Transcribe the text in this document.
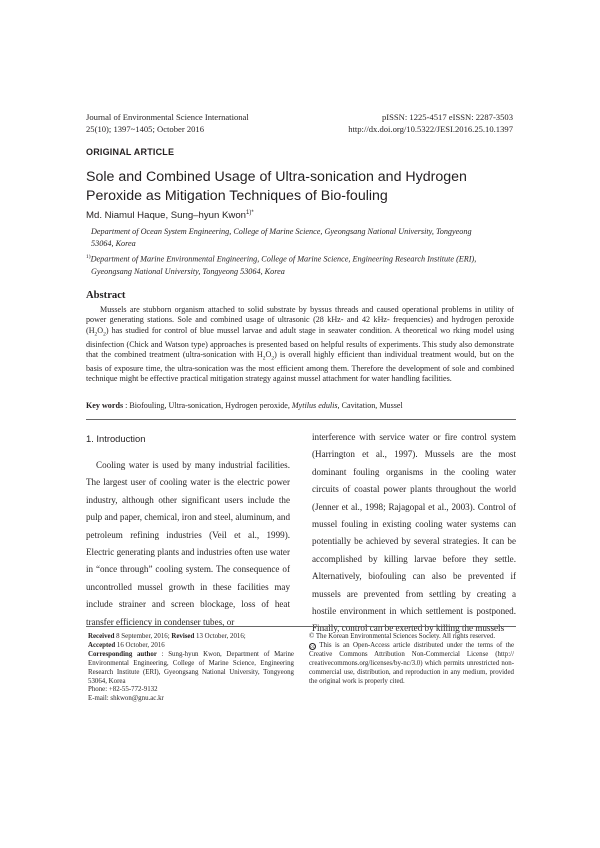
Journal of Environmental Science International
25(10); 1397~1405; October 2016
pISSN: 1225-4517 eISSN: 2287-3503
http://dx.doi.org/10.5322/JESI.2016.25.10.1397
ORIGINAL ARTICLE
Sole and Combined Usage of Ultra-sonication and Hydrogen
Peroxide as Mitigation Techniques of Bio-fouling
Md. Niamul Haque, Sung–hyun Kwon$^{1)*}$
Department of Ocean System Engineering, College of Marine Science, Gyeongsang National University, Tongyeong
53064, Korea
$^{1)}$Department of Marine Environmental Engineering, College of Marine Science, Engineering Research Institute (ERI),
Gyeongsang National University, Tongyeong 53064, Korea
Abstract
Mussels are stubborn organism attached to solid substrate by byssus threads and caused operational problems in utility of power generating stations. Sole and combined usage of ultrasonic (28 kHz- and 42 kHz- frequencies) and hydrogen peroxide $(H_2O_2)$ has studied for control of blue mussel larvae and adult stage in seawater condition. A theoretical wo rking model using disinfection (Chick and Watson type) approaches is presented based on helpful results of experiments. This study also demonstrate that the combined treatment (ultra-sonication with $H_2O_2$) is overall highly efficient than individual treatment would, but on the basis of exposure time, the ultra-sonication was the most efficient among them. Therefore the development of sole and combined technique might be effective practical mitigation strategy against mussel attachment for water handling facilities.
Key words : Biofouling, Ultra-sonication, Hydrogen peroxide, Mytilus edulis, Cavitation, Mussel
1. Introduction

Cooling water is used by many industrial facilities. The largest user of cooling water is the electric power industry, although other significant users include the pulp and paper, chemical, iron and steel, aluminum, and petroleum refining industries (Veil et al., 1999). Electric generating plants and industries often use water in “once through” cooling system. The consequence of uncontrolled mussel growth in these facilities may include strainer and screen blockage, loss of heat transfer efficiency in condenser tubes, or

interference with service water or fire control system (Harrington et al., 1997). Mussels are the most dominant fouling organisms in the cooling water circuits of coastal power plants throughout the world (Jenner et al., 1998; Rajagopal et al., 2003). Control of mussel fouling in existing cooling water systems can potentially be achieved by several strategies. It can be accomplished by killing larvae before they settle. Alternatively, biofouling can also be prevented if mussels are prevented from settling by creating a hostile environment in which settlement is postponed. Finally, control can be exerted by killing the mussels

Received 8 September, 2016; Revised 13 October, 2016;
Accepted 16 October, 2016
Corresponding author : Sung-hyun Kwon, Department of Marine Environmental Engineering, College of Marine Science, Engineering Research Institute (ERI), Gyeongsang National University, Tongyeong 53064, Korea
Phone: +82-55-772-9132
E-mail: shkwon@gnu.ac.kr
© The Korean Environmental Sciences Society. All rights reserved.
cc This is an Open-Access article distributed under the terms of the Creative Commons Attribution Non-Commercial License (http:// creativecommons.org/licenses/by-nc/3.0) which permits unrestricted non-commercial use, distribution, and reproduction in any medium, provided the original work is properly cited.
